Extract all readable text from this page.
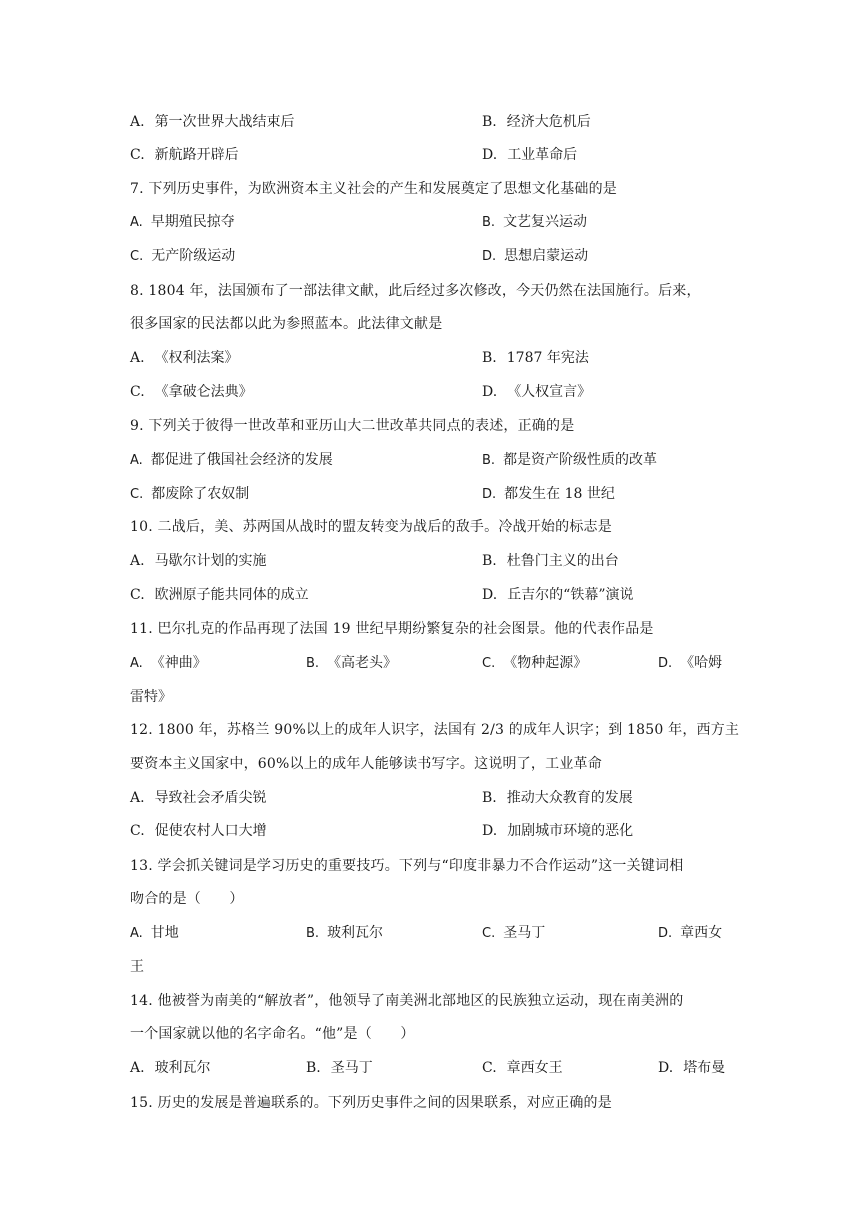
A. 第一次世界大战结束后	B. 经济大危机后
C. 新航路开辟后	D. 工业革命后
7. 下列历史事件，为欧洲资本主义社会的产生和发展奠定了思想文化基础的是
A. 早期殖民掠夺	B. 文艺复兴运动
C. 无产阶级运动	D. 思想启蒙运动
8. 1804 年，法国颁布了一部法律文献，此后经过多次修改，今天仍然在法国施行。后来，
很多国家的民法都以此为参照蓝本。此法律文献是
A. 《权利法案》	B. 1787 年宪法
C. 《拿破仑法典》	D. 《人权宣言》
9. 下列关于彼得一世改革和亚历山大二世改革共同点的表述，正确的是
A. 都促进了俄国社会经济的发展	B. 都是资产阶级性质的改革
C. 都废除了农奴制	D. 都发生在 18 世纪
10. 二战后，美、苏两国从战时的盟友转变为战后的敌手。冷战开始的标志是
A. 马歇尔计划的实施	B. 杜鲁门主义的出台
C. 欧洲原子能共同体的成立	D. 丘吉尔的“铁幕”演说
11. 巴尔扎克的作品再现了法国 19 世纪早期纷繁复杂的社会图景。他的代表作品是
A. 《神曲》	B. 《高老头》	C. 《物种起源》	D. 《哈姆
雷特》
12. 1800 年，苏格兰 90%以上的成年人识字，法国有 2/3 的成年人识字；到 1850 年，西方主
要资本主义国家中，60%以上的成年人能够读书写字。这说明了，工业革命
A. 导致社会矛盾尖锐	B. 推动大众教育的发展
C. 促使农村人口大增	D. 加剧城市环境的恶化
13. 学会抓关键词是学习历史的重要技巧。下列与“印度非暴力不合作运动”这一关键词相
吻合的是（　　）
A. 甘地	B. 玻利瓦尔	C. 圣马丁	D. 章西女
王
14. 他被誉为南美的“解放者”，他领导了南美洲北部地区的民族独立运动，现在南美洲的
一个国家就以他的名字命名。“他”是（　　）
A. 玻利瓦尔	B. 圣马丁	C. 章西女王	D. 塔布曼
15. 历史的发展是普遍联系的。下列历史事件之间的因果联系，对应正确的是
